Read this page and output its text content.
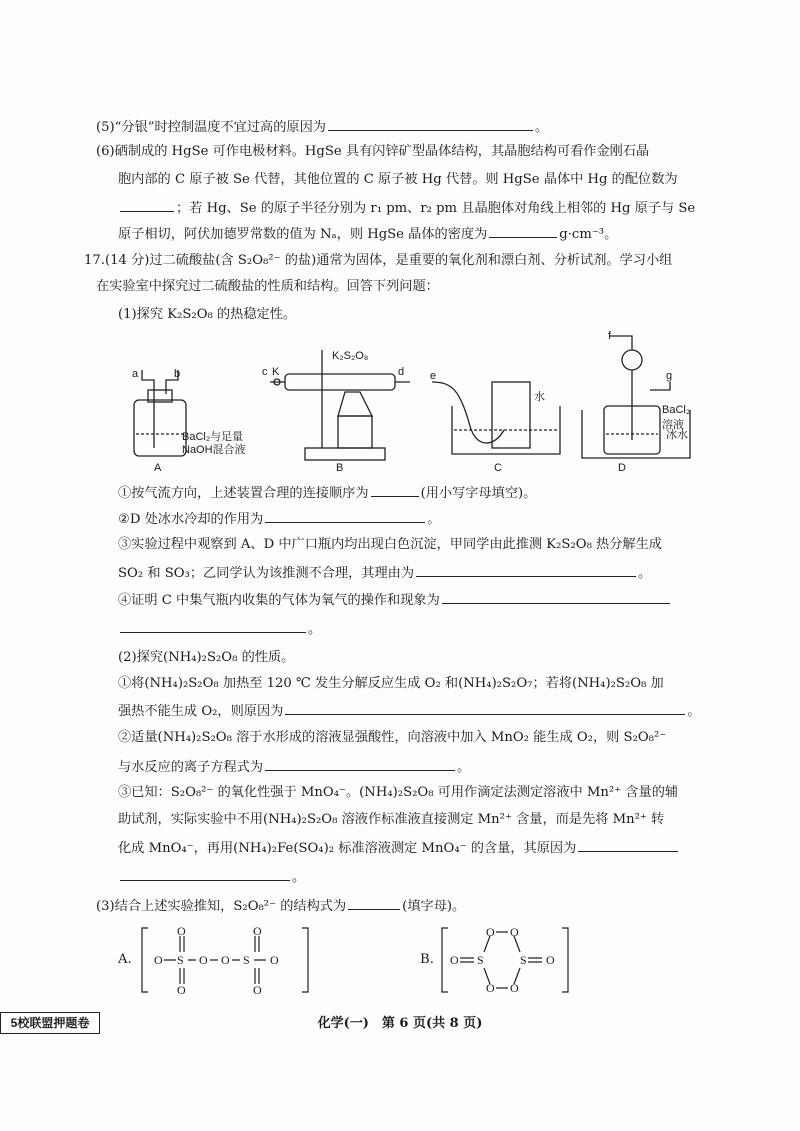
(5)“分银”时控制温度不宜过高的原因为	。
(6)硒制成的 HgSe 可作电极材料。HgSe 具有闪锌矿型晶体结构，其晶胞结构可看作金刚石晶
胞内部的 C 原子被 Se 代替，其他位置的 C 原子被 Hg 代替。则 HgSe 晶体中 Hg 的配位数为
；若 Hg、Se 的原子半径分别为 r₁ pm、r₂ pm 且晶胞体对角线上相邻的 Hg 原子与 Se
原子相切，阿伏加德罗常数的值为 Nₐ，则 HgSe 晶体的密度为	g·cm⁻³。
17.(14 分)过二硫酸盐(含 S₂O₈²⁻ 的盐)通常为固体，是重要的氧化剂和漂白剂、分析试剂。学习小组
在实验室中探究过二硫酸盐的性质和结构。回答下列问题：
(1)探究 K₂S₂O₈ 的热稳定性。
a	b
BaCl₂与足量
NaOH混合液
c K
K₂S₂O₈
d e
水
f
g
BaCl₂溶液
冰水
A	B	C	D
①按气流方向，上述装置合理的连接顺序为	(用小写字母填空)。
②D 处冰水冷却的作用为	。
③实验过程中观察到 A、D 中广口瓶内均出现白色沉淀，甲同学由此推测 K₂S₂O₈ 热分解生成
SO₂ 和 SO₃；乙同学认为该推测不合理，其理由为	。
④证明 C 中集气瓶内收集的气体为氧气的操作和现象为
。
(2)探究(NH₄)₂S₂O₈ 的性质。
①将(NH₄)₂S₂O₈ 加热至 120 ℃ 发生分解反应生成 O₂ 和(NH₄)₂S₂O₇；若将(NH₄)₂S₂O₈ 加
强热不能生成 O₂，则原因为	。
②适量(NH₄)₂S₂O₈ 溶于水形成的溶液显强酸性，向溶液中加入 MnO₂ 能生成 O₂，则 S₂O₈²⁻
与水反应的离子方程式为	。
③已知：S₂O₈²⁻ 的氧化性强于 MnO₄⁻。(NH₄)₂S₂O₈ 可用作滴定法测定溶液中 Mn²⁺ 含量的辅
助试剂，实际实验中不用(NH₄)₂S₂O₈ 溶液作标准液直接测定 Mn²⁺ 含量，而是先将 Mn²⁺ 转
化成 MnO₄⁻，再用(NH₄)₂Fe(SO₄)₂ 标准溶液测定 MnO₄⁻ 的含量，其原因为
。
(3)结合上述实验推知，S₂O₈²⁻ 的结构式为	(填字母)。
A. O S
O
O
O O S
O
O
O	B. O S
O O
O O
S O
5校联盟押题卷	化学(一)　第 6 页(共 8 页)
